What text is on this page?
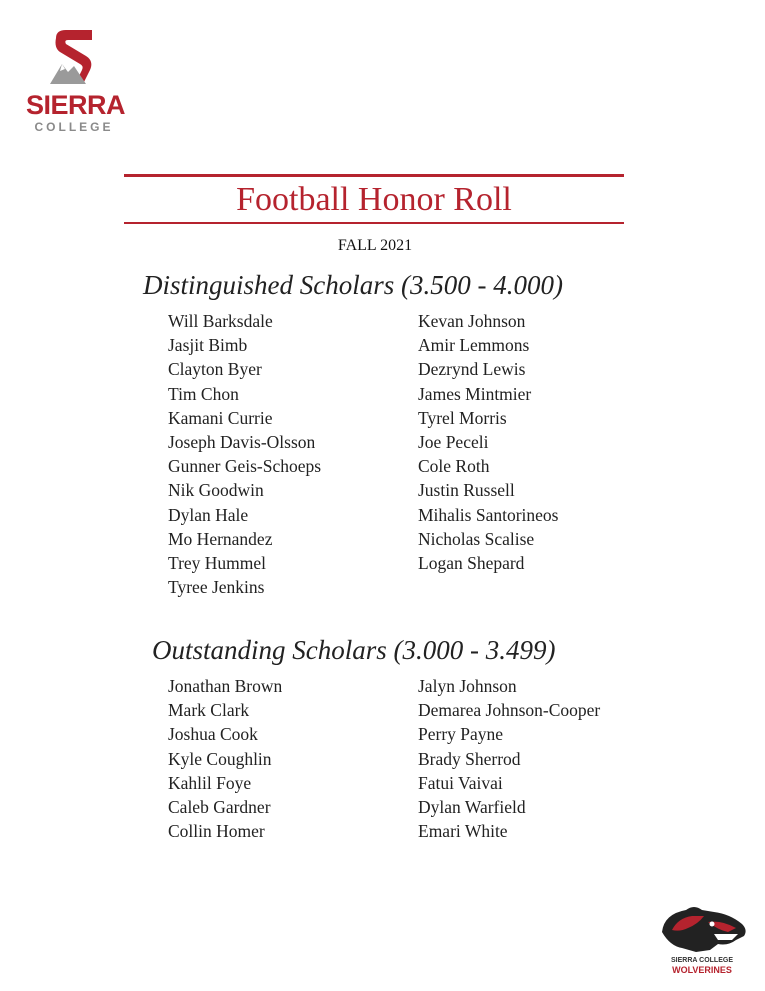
SIERRA
COLLEGE
Football Honor Roll
FALL 2021
Distinguished Scholars (3.500 - 4.000)
Will Barksdale
Jasjit Bimb
Clayton Byer
Tim Chon
Kamani Currie
Joseph Davis-Olsson
Gunner Geis-Schoeps
Nik Goodwin
Dylan Hale
Mo Hernandez
Trey Hummel
Tyree Jenkins
Kevan Johnson
Amir Lemmons
Dezrynd Lewis
James Mintmier
Tyrel Morris
Joe Peceli
Cole Roth
Justin Russell
Mihalis Santorineos
Nicholas Scalise
Logan Shepard
Outstanding Scholars (3.000 - 3.499)
Jonathan Brown
Mark Clark
Joshua Cook
Kyle Coughlin
Kahlil Foye
Caleb Gardner
Collin Homer
Jalyn Johnson
Demarea Johnson-Cooper
Perry Payne
Brady Sherrod
Fatui Vaivai
Dylan Warfield
Emari White
SIERRA COLLEGE
WOLVERINES
